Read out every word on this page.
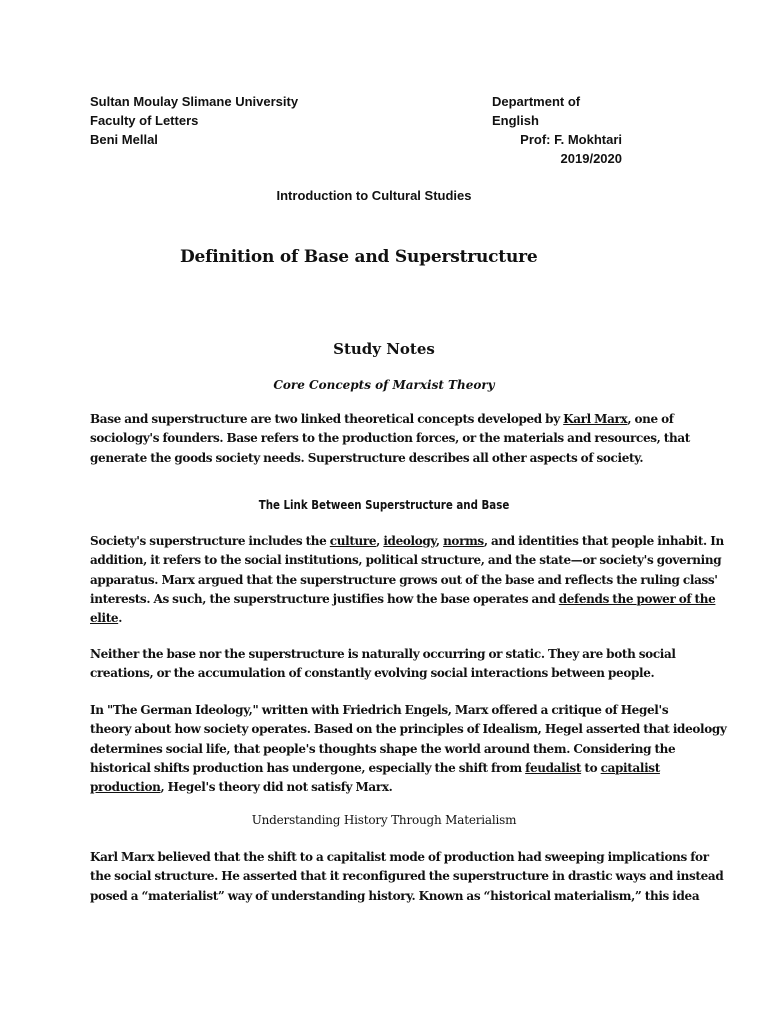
Sultan Moulay Slimane University
Faculty of Letters
Beni Mellal
Department of English
Prof: F. Mokhtari
2019/2020
Introduction to Cultural Studies
Definition of Base and Superstructure
Study Notes
Core Concepts of Marxist Theory
Base and superstructure are two linked theoretical concepts developed by Karl Marx, one of
sociology's founders. Base refers to the production forces, or the materials and resources, that
generate the goods society needs. Superstructure describes all other aspects of society.
The Link Between Superstructure and Base
Society's superstructure includes the culture, ideology, norms, and identities that people inhabit. In
addition, it refers to the social institutions, political structure, and the state—or society's governing
apparatus. Marx argued that the superstructure grows out of the base and reflects the ruling class'
interests. As such, the superstructure justifies how the base operates and defends the power of the
elite.
Neither the base nor the superstructure is naturally occurring or static. They are both social
creations, or the accumulation of constantly evolving social interactions between people.
In "The German Ideology," written with Friedrich Engels, Marx offered a critique of Hegel's
theory about how society operates. Based on the principles of Idealism, Hegel asserted that ideology
determines social life, that people's thoughts shape the world around them. Considering the
historical shifts production has undergone, especially the shift from feudalist to capitalist
production, Hegel's theory did not satisfy Marx.
Understanding History Through Materialism
Karl Marx believed that the shift to a capitalist mode of production had sweeping implications for
the social structure. He asserted that it reconfigured the superstructure in drastic ways and instead
posed a “materialist” way of understanding history. Known as “historical materialism,” this idea
